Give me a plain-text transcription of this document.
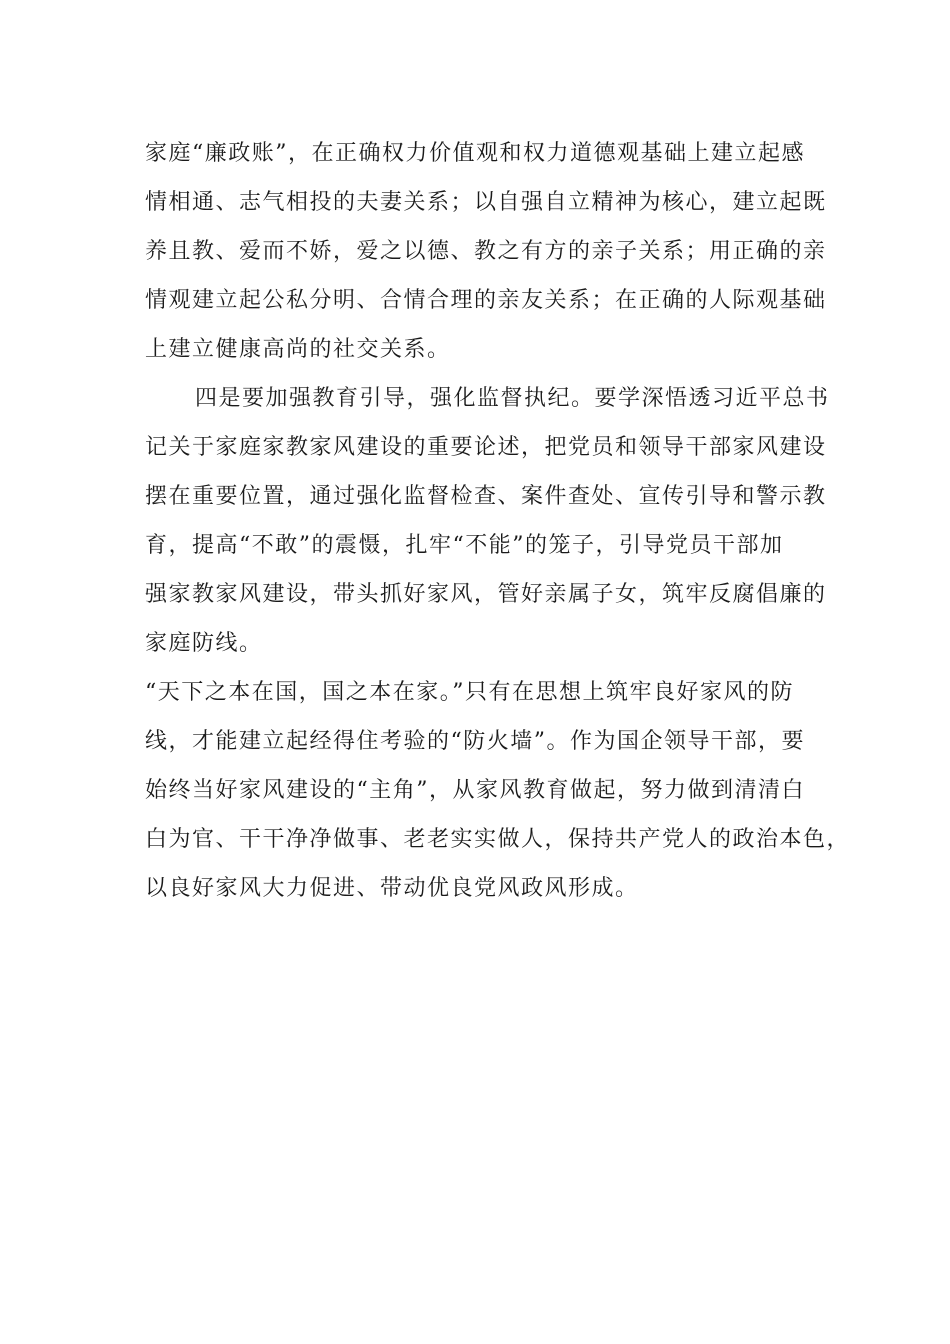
家庭“廉政账”，在正确权力价值观和权力道德观基础上建立起感
情相通、志气相投的夫妻关系；以自强自立精神为核心，建立起既
养且教、爱而不娇，爱之以德、教之有方的亲子关系；用正确的亲
情观建立起公私分明、合情合理的亲友关系；在正确的人际观基础
上建立健康高尚的社交关系。
四是要加强教育引导，强化监督执纪。要学深悟透习近平总书
记关于家庭家教家风建设的重要论述，把党员和领导干部家风建设
摆在重要位置，通过强化监督检查、案件查处、宣传引导和警示教
育，提高“不敢”的震慑，扎牢“不能”的笼子，引导党员干部加
强家教家风建设，带头抓好家风，管好亲属子女，筑牢反腐倡廉的
家庭防线。
“天下之本在国，国之本在家。”只有在思想上筑牢良好家风的防
线，才能建立起经得住考验的“防火墙”。作为国企领导干部，要
始终当好家风建设的“主角”，从家风教育做起，努力做到清清白
白为官、干干净净做事、老老实实做人，保持共产党人的政治本色，
以良好家风大力促进、带动优良党风政风形成。
